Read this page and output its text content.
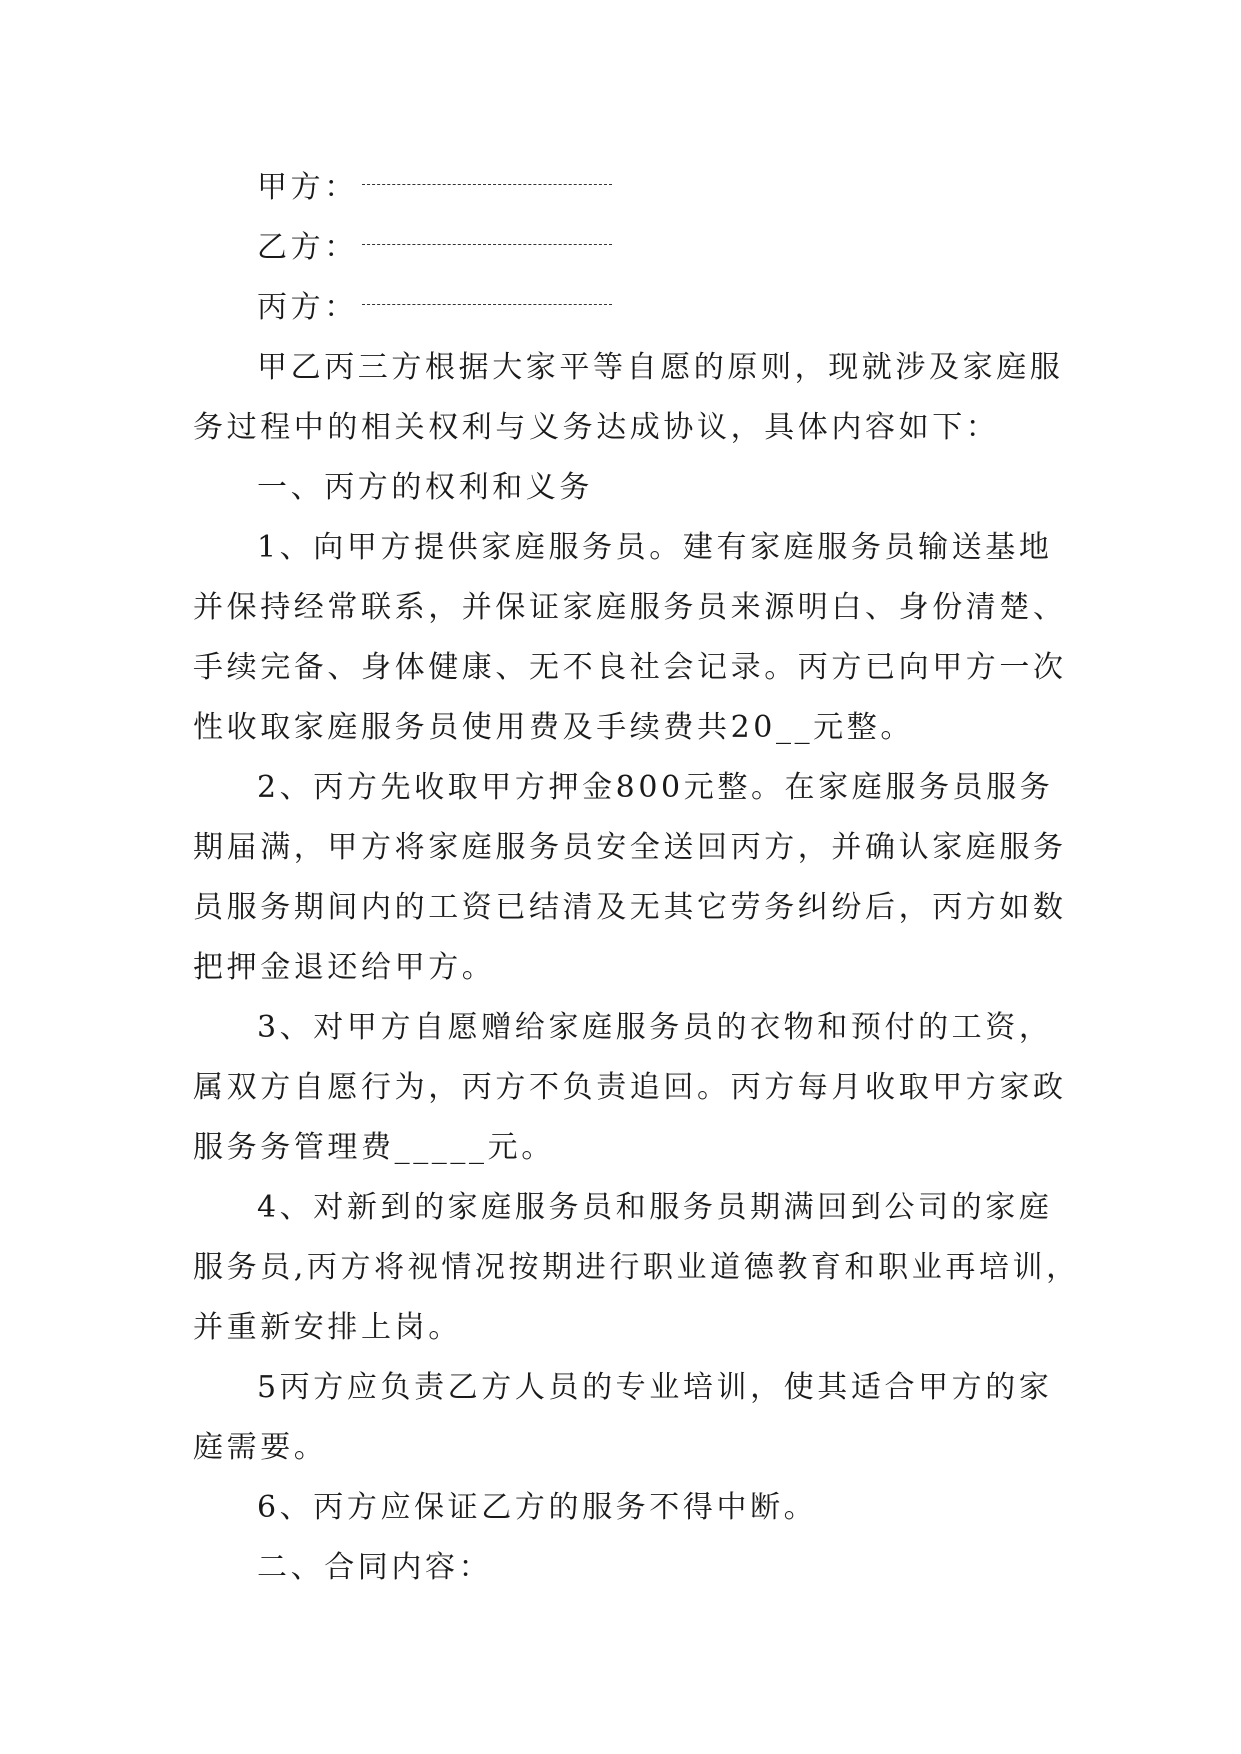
甲方：
乙方：
丙方：
甲乙丙三方根据大家平等自愿的原则，现就涉及家庭服
务过程中的相关权利与义务达成协议，具体内容如下：
一、丙方的权利和义务
1、向甲方提供家庭服务员。建有家庭服务员输送基地
并保持经常联系，并保证家庭服务员来源明白、身份清楚、
手续完备、身体健康、无不良社会记录。丙方已向甲方一次
性收取家庭服务员使用费及手续费共20__元整。
2、丙方先收取甲方押金800元整。在家庭服务员服务
期届满，甲方将家庭服务员安全送回丙方，并确认家庭服务
员服务期间内的工资已结清及无其它劳务纠纷后，丙方如数
把押金退还给甲方。
3、对甲方自愿赠给家庭服务员的衣物和预付的工资，
属双方自愿行为，丙方不负责追回。丙方每月收取甲方家政
服务务管理费_____元。
4、对新到的家庭服务员和服务员期满回到公司的家庭
服务员,丙方将视情况按期进行职业道德教育和职业再培训，
并重新安排上岗。
5丙方应负责乙方人员的专业培训，使其适合甲方的家
庭需要。
6、丙方应保证乙方的服务不得中断。
二、合同内容：
